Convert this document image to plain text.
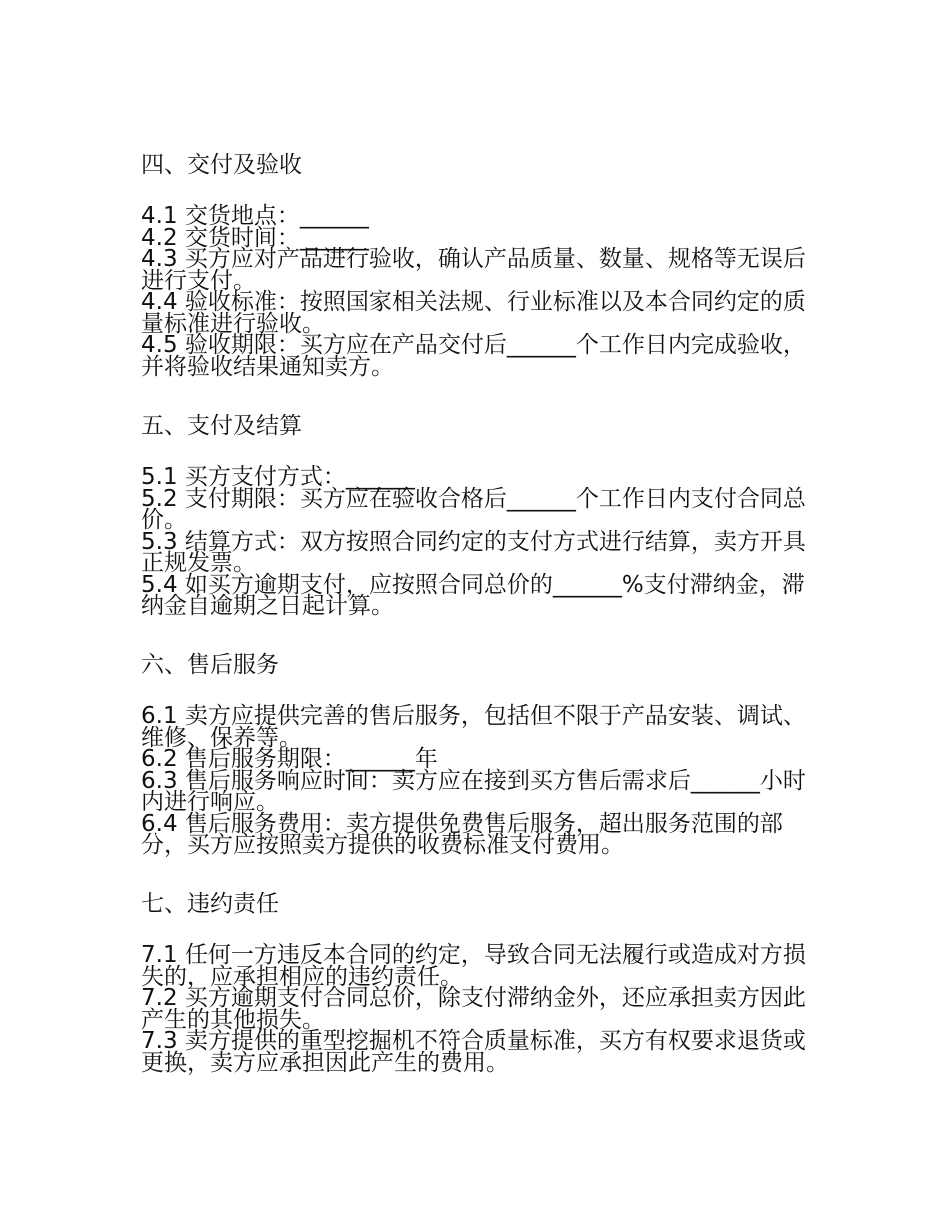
四、交付及验收

4.1 交货地点：______

4.2 交货时间：______

4.3 买方应对产品进行验收，确认产品质量、数量、规格等无误后进行支付。

4.4 验收标准：按照国家相关法规、行业标准以及本合同约定的质量标准进行验收。

4.5 验收期限：买方应在产品交付后______个工作日内完成验收，并将验收结果通知卖方。

五、支付及结算

5.1 买方支付方式：______

5.2 支付期限：买方应在验收合格后______个工作日内支付合同总价。

5.3 结算方式：双方按照合同约定的支付方式进行结算，卖方开具正规发票。

5.4 如买方逾期支付，应按照合同总价的______%支付滞纳金，滞纳金自逾期之日起计算。

六、售后服务

6.1 卖方应提供完善的售后服务，包括但不限于产品安装、调试、维修、保养等。

6.2 售后服务期限：______年

6.3 售后服务响应时间：卖方应在接到买方售后需求后______小时内进行响应。

6.4 售后服务费用：卖方提供免费售后服务，超出服务范围的部分，买方应按照卖方提供的收费标准支付费用。

七、违约责任

7.1 任何一方违反本合同的约定，导致合同无法履行或造成对方损失的，应承担相应的违约责任。

7.2 买方逾期支付合同总价，除支付滞纳金外，还应承担卖方因此产生的其他损失。

7.3 卖方提供的重型挖掘机不符合质量标准，买方有权要求退货或更换，卖方应承担因此产生的费用。
